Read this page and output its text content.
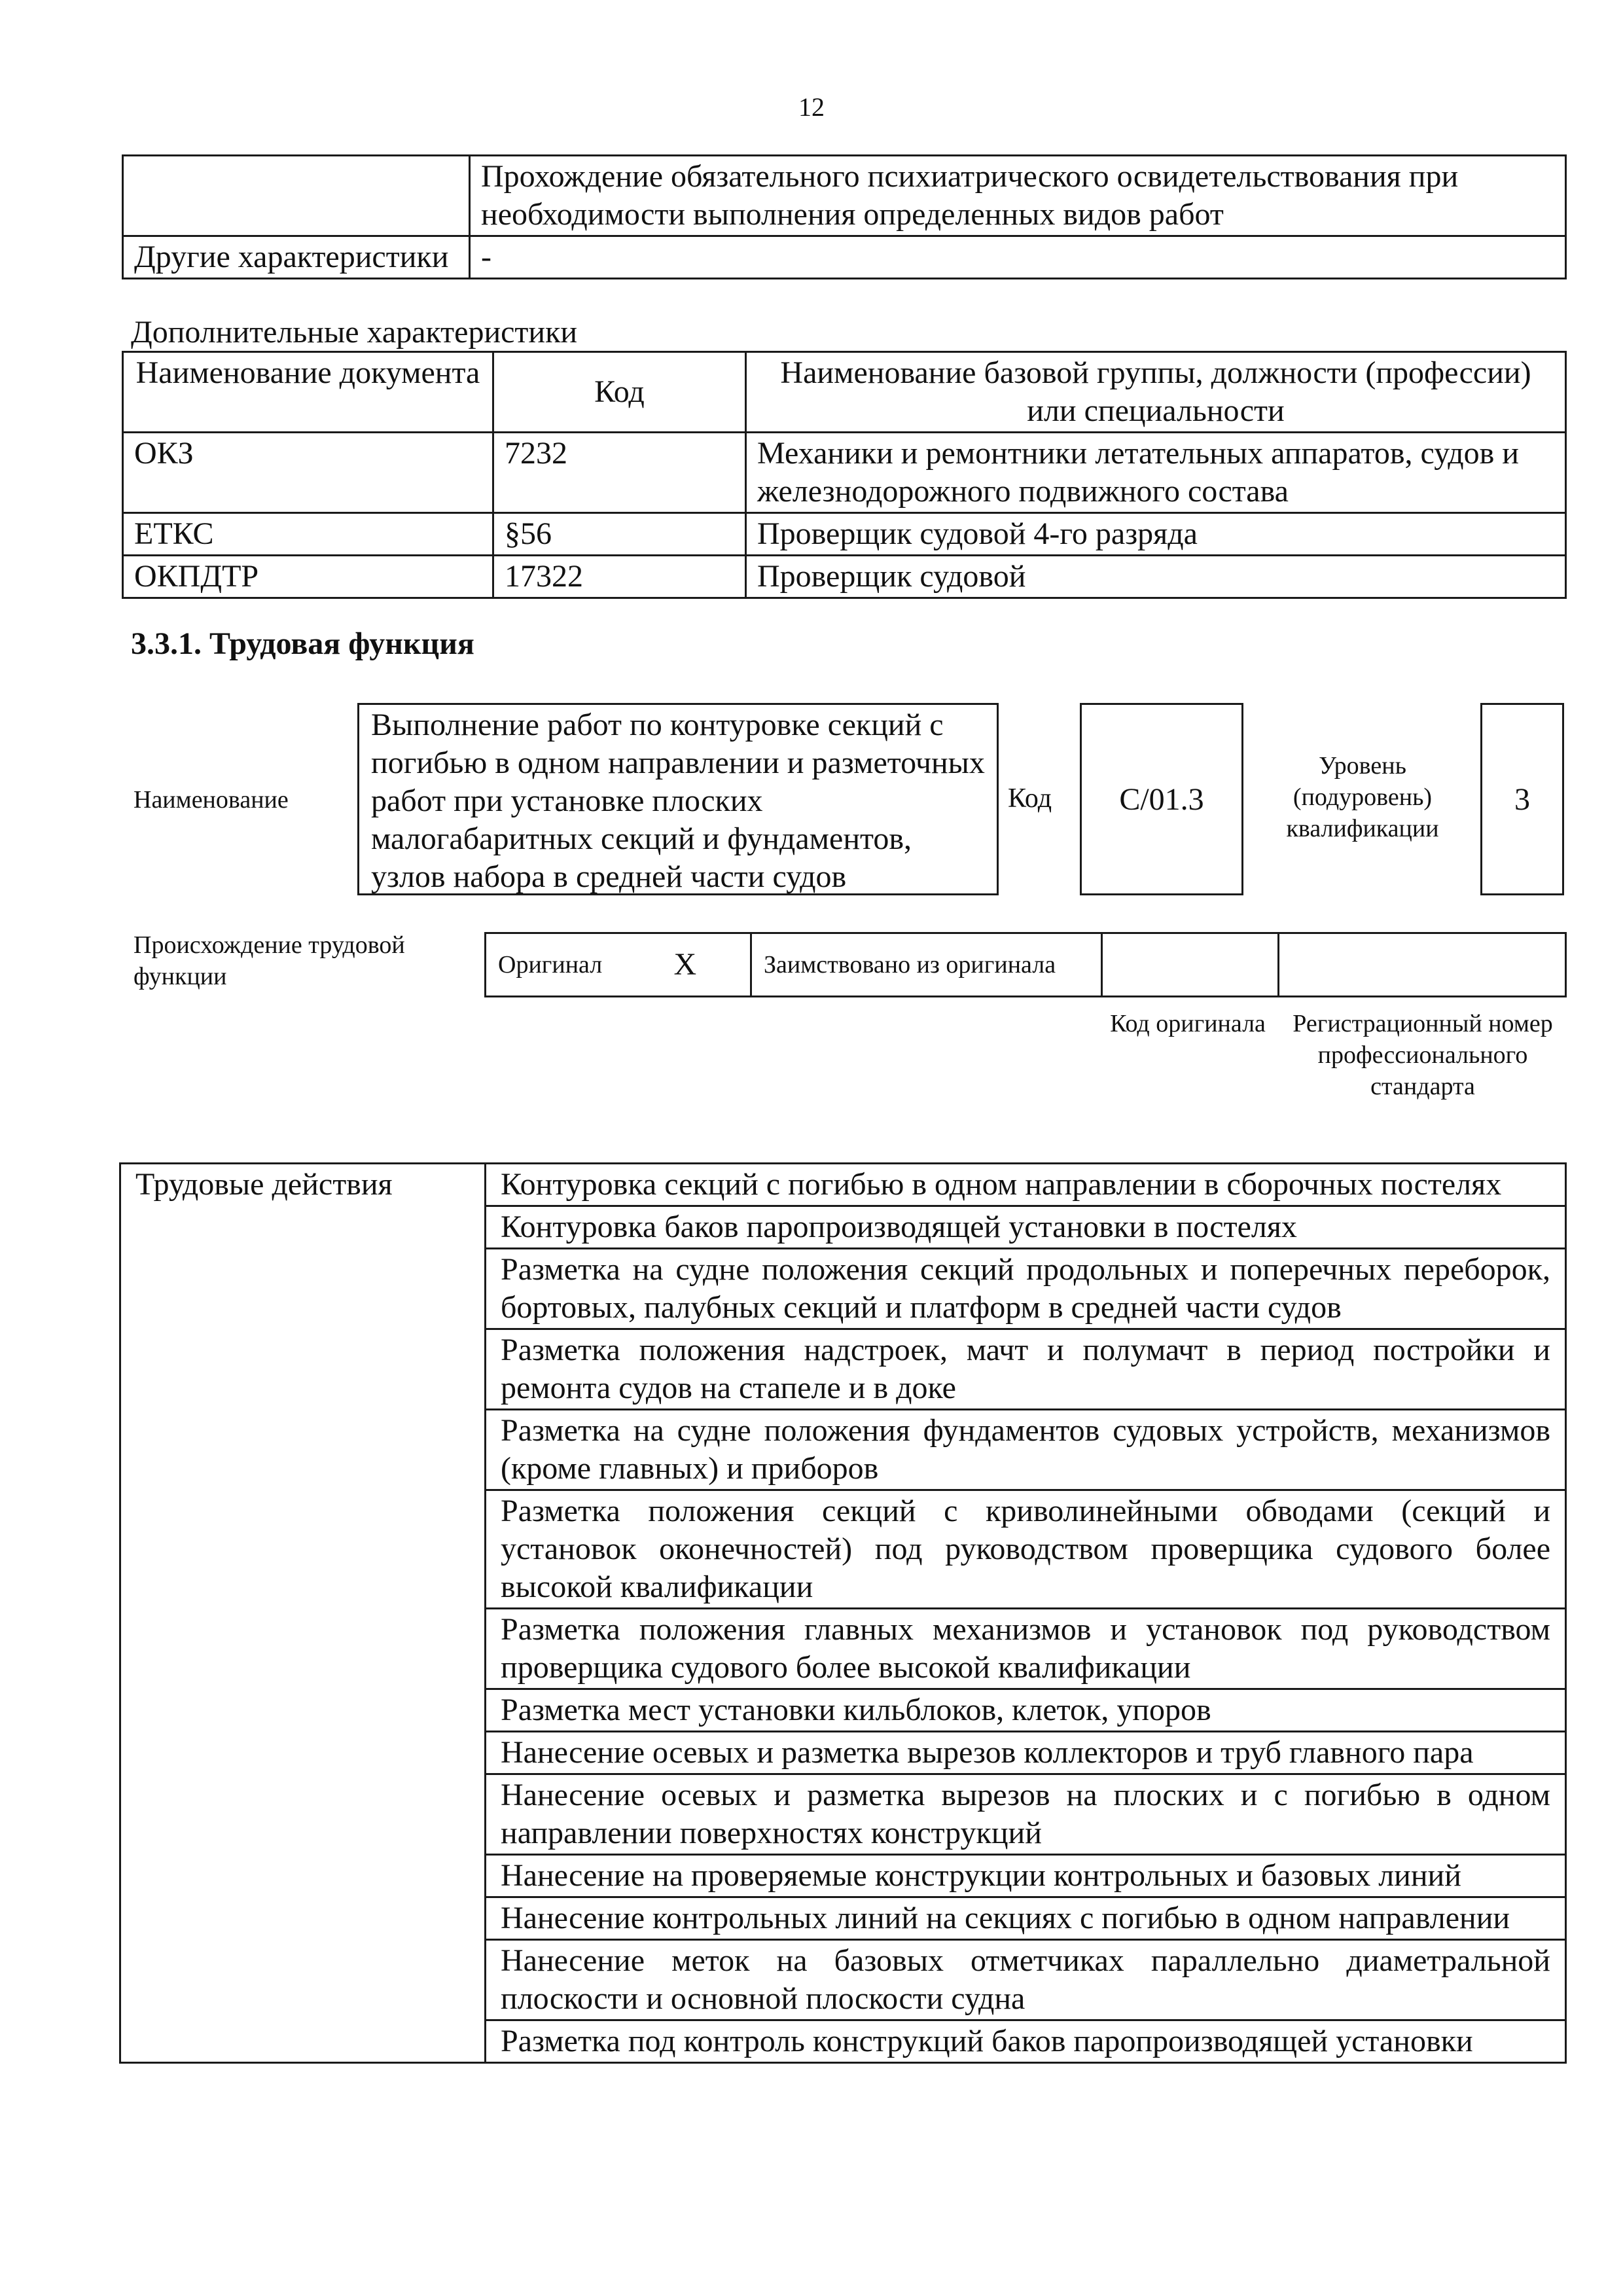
12
	Прохождение обязательного психиатрического освидетельствования при необходимости выполнения определенных видов работ
Другие характеристики	-
Дополнительные характеристики
Наименование документа	Код	Наименование базовой группы, должности (профессии) или специальности
ОКЗ	7232	Механики и ремонтники летательных аппаратов, судов и железнодорожного подвижного состава
ЕТКС	§56	Проверщик судовой 4-го разряда
ОКПДТР	17322	Проверщик судовой
3.3.1. Трудовая функция
Наименование
Выполнение работ по контуровке секций с погибью в одном направлении и разметочных работ при установке плоских малогабаритных секций и фундаментов, узлов набора в средней части судов
Код	C/01.3
Уровень (подуровень) квалификации
3
Происхождение трудовой функции	Оригинал	X	Заимствовано из оригинала		
Код оригинала	Регистрационный номер профессионального стандарта
Трудовые действия	Контуровка секций с погибью в одном направлении в сборочных постелях
Контуровка баков паропроизводящей установки в постелях
Разметка на судне положения секций продольных и поперечных переборок, бортовых, палубных секций и платформ в средней части судов
Разметка положения надстроек, мачт и полумачт в период постройки и ремонта судов на стапеле и в доке
Разметка на судне положения фундаментов судовых устройств, механизмов (кроме главных) и приборов
Разметка положения секций с криволинейными обводами (секций и установок оконечностей) под руководством проверщика судового более высокой квалификации
Разметка положения главных механизмов и установок под руководством проверщика судового более высокой квалификации
Разметка мест установки кильблоков, клеток, упоров
Нанесение осевых и разметка вырезов коллекторов и труб главного пара
Нанесение осевых и разметка вырезов на плоских и с погибью в одном направлении поверхностях конструкций
Нанесение на проверяемые конструкции контрольных и базовых линий
Нанесение контрольных линий на секциях с погибью в одном направлении
Нанесение меток на базовых отметчиках параллельно диаметральной плоскости и основной плоскости судна
Разметка под контроль конструкций баков паропроизводящей установки
